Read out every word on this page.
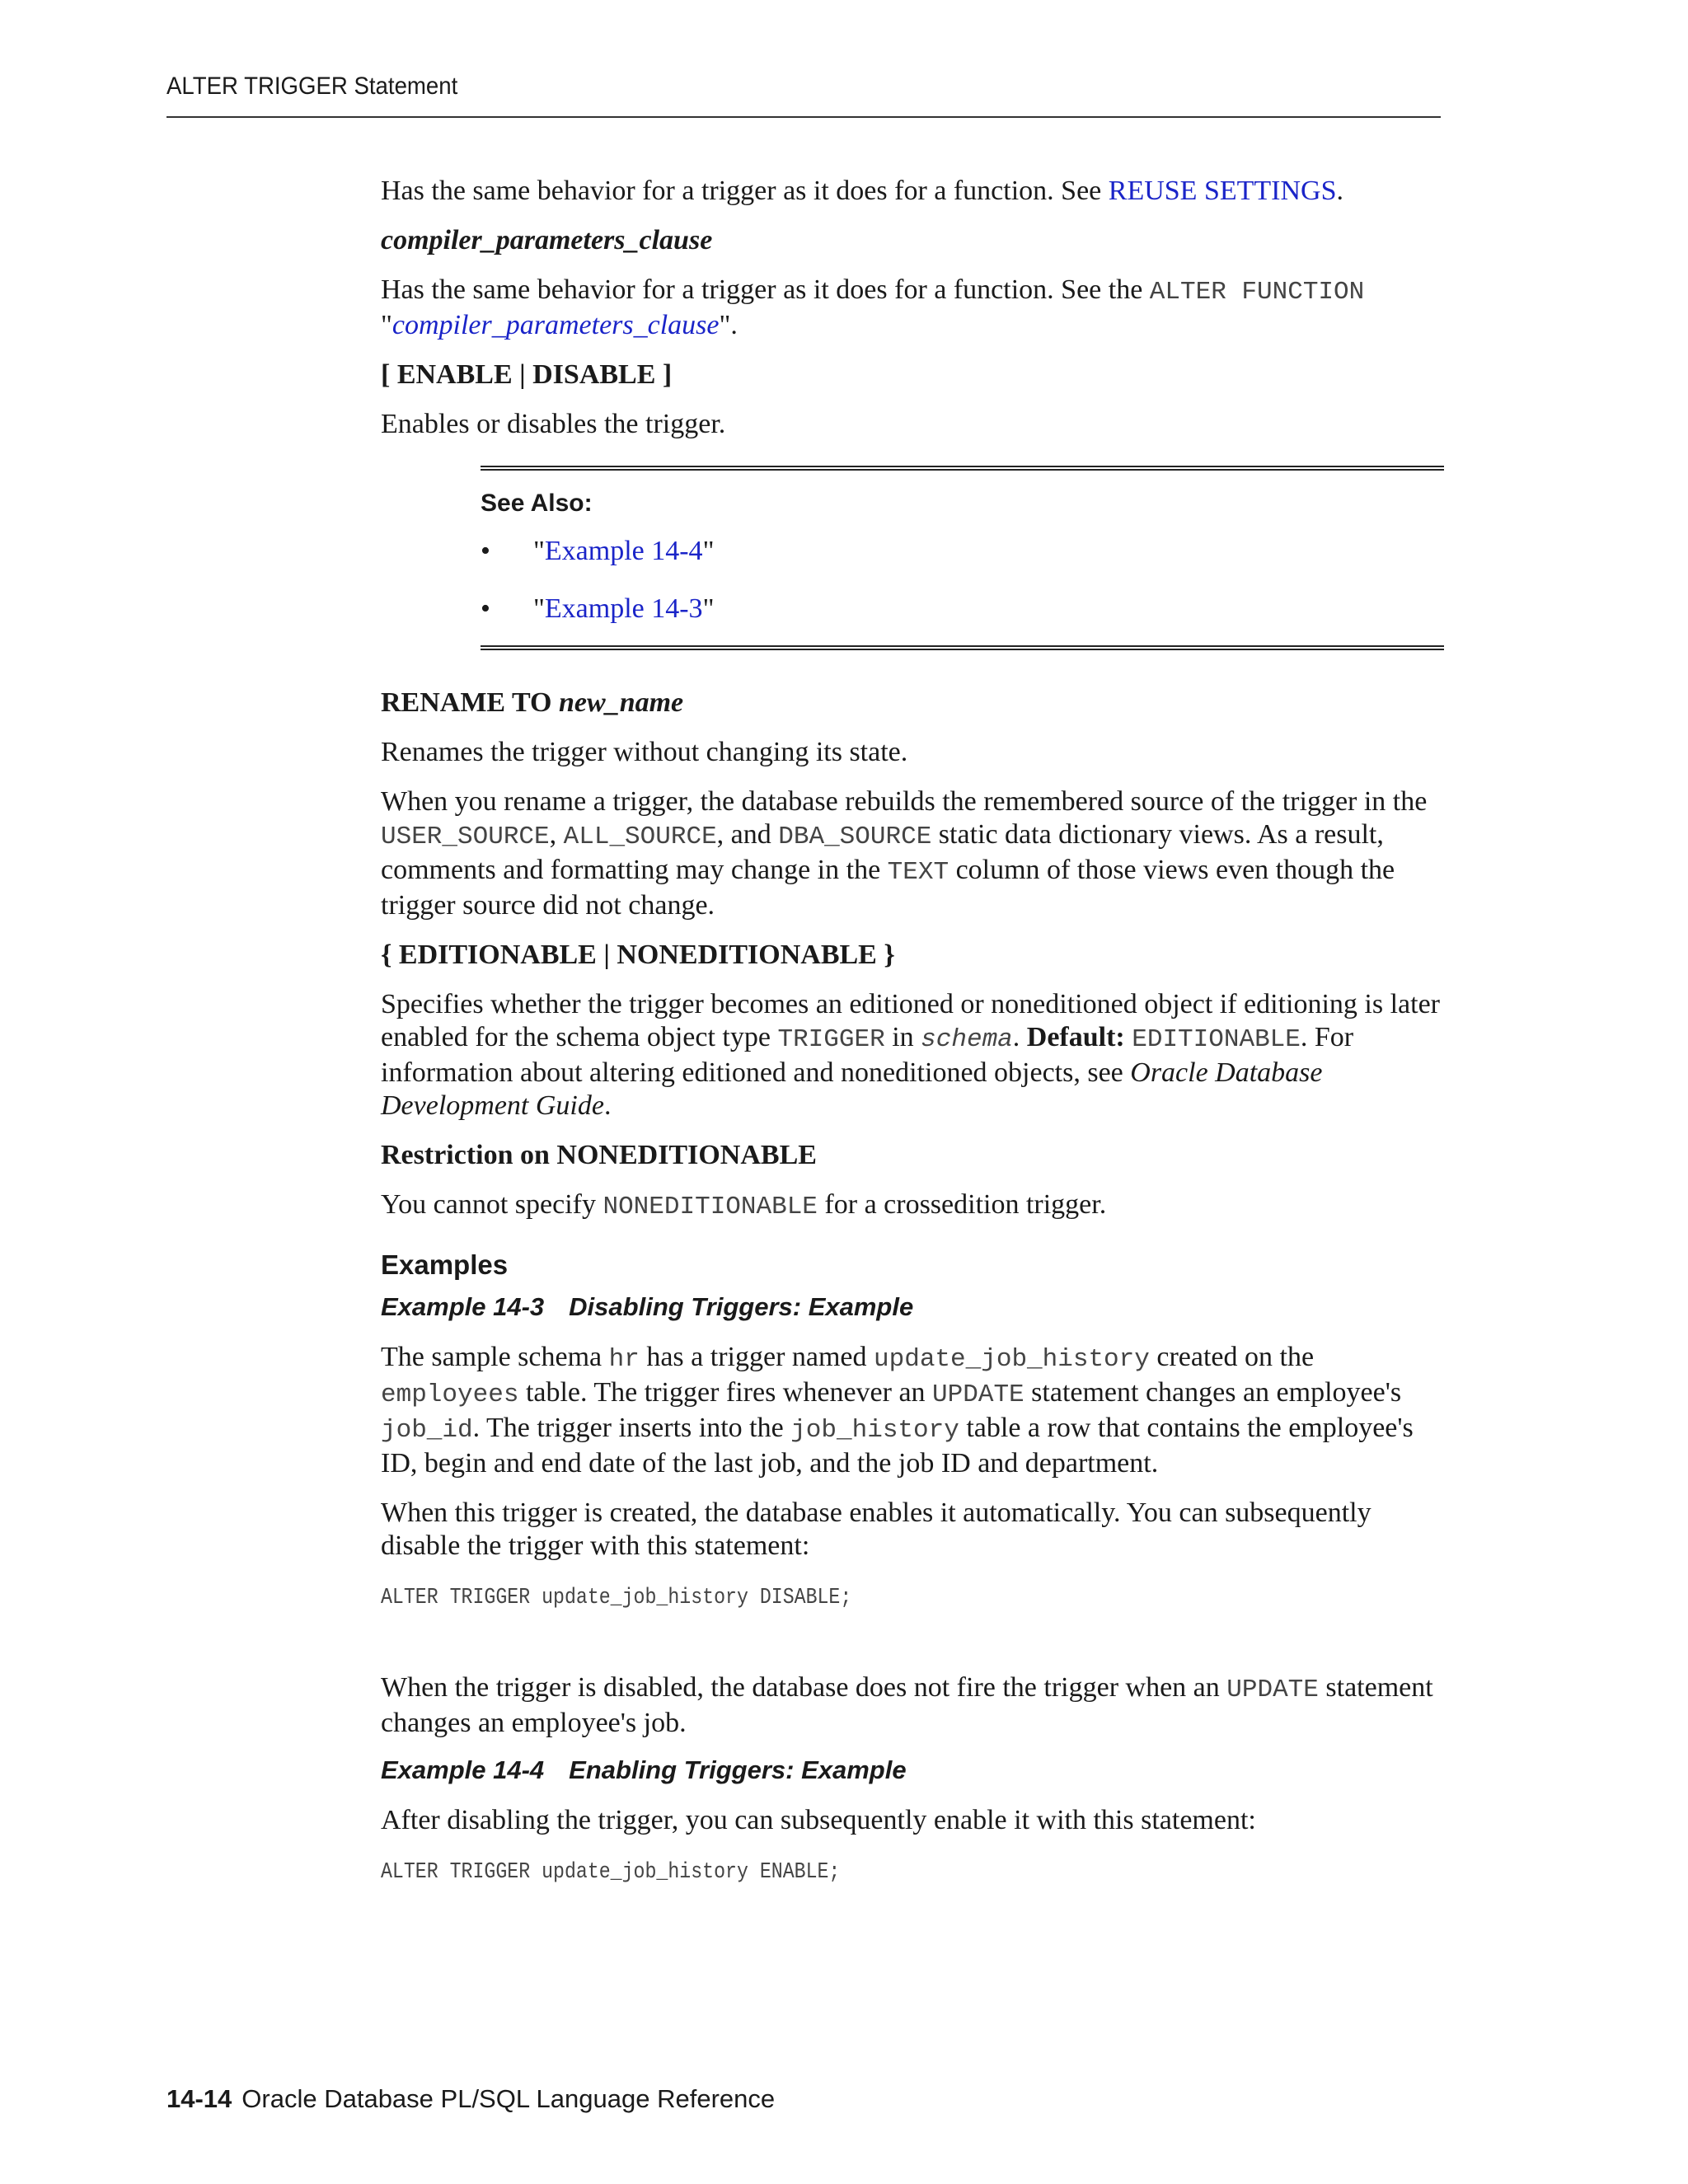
ALTER TRIGGER Statement

Has the same behavior for a trigger as it does for a function. See REUSE SETTINGS.

compiler_parameters_clause

Has the same behavior for a trigger as it does for a function. See the ALTER FUNCTION
"compiler_parameters_clause".

[ ENABLE | DISABLE ]

Enables or disables the trigger.

See Also:
• "Example 14-4"
• "Example 14-3"

RENAME TO new_name

Renames the trigger without changing its state.

When you rename a trigger, the database rebuilds the remembered source of the trigger in the USER_SOURCE, ALL_SOURCE, and DBA_SOURCE static data dictionary views. As a result, comments and formatting may change in the TEXT column of those views even though the trigger source did not change.

{ EDITIONABLE | NONEDITIONABLE }

Specifies whether the trigger becomes an editioned or noneditioned object if editioning is later enabled for the schema object type TRIGGER in schema. Default: EDITIONABLE. For information about altering editioned and noneditioned objects, see Oracle Database Development Guide.

Restriction on NONEDITIONABLE

You cannot specify NONEDITIONABLE for a crossedition trigger.

Examples

Example 14-3 Disabling Triggers: Example

The sample schema hr has a trigger named update_job_history created on the employees table. The trigger fires whenever an UPDATE statement changes an employee's job_id. The trigger inserts into the job_history table a row that contains the employee's ID, begin and end date of the last job, and the job ID and department.

When this trigger is created, the database enables it automatically. You can subsequently disable the trigger with this statement:

ALTER TRIGGER update_job_history DISABLE;

When the trigger is disabled, the database does not fire the trigger when an UPDATE statement changes an employee's job.

Example 14-4 Enabling Triggers: Example

After disabling the trigger, you can subsequently enable it with this statement:

ALTER TRIGGER update_job_history ENABLE;
14-14 Oracle Database PL/SQL Language Reference
